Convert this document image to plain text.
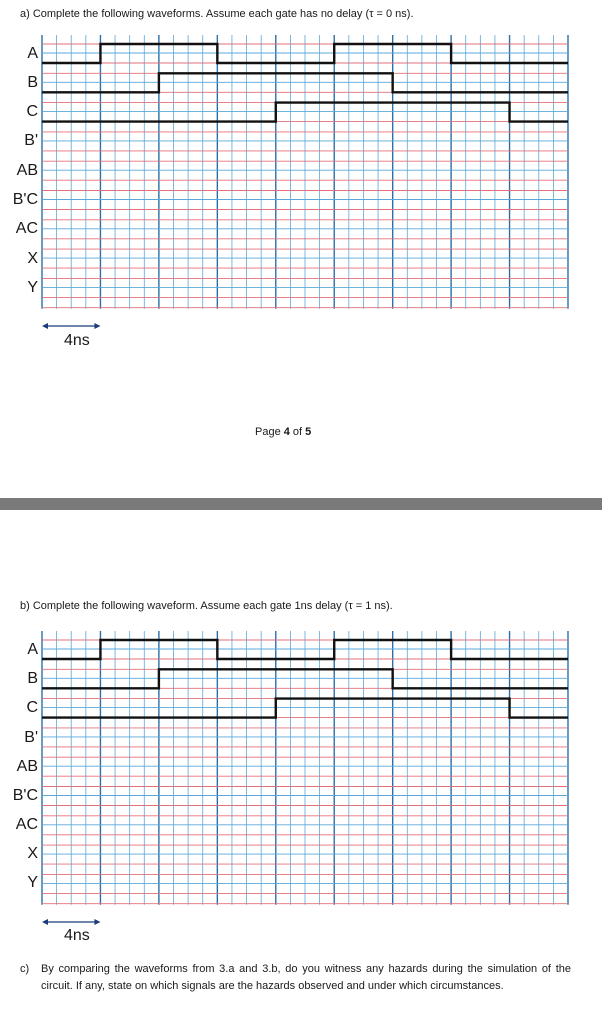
a) Complete the following waveforms. Assume each gate has no delay (τ = 0 ns).
A
B
C
B'
AB
B'C
AC
X
Y
4ns
Page 4 of 5
b) Complete the following waveform. Assume each gate 1ns delay (τ = 1 ns).
A
B
C
B'
AB
B'C
AC
X
Y
4ns
c) By comparing the waveforms from 3.a and 3.b, do you witness any hazards during the simulation of the circuit. If any, state on which signals are the hazards observed and under which circumstances.
